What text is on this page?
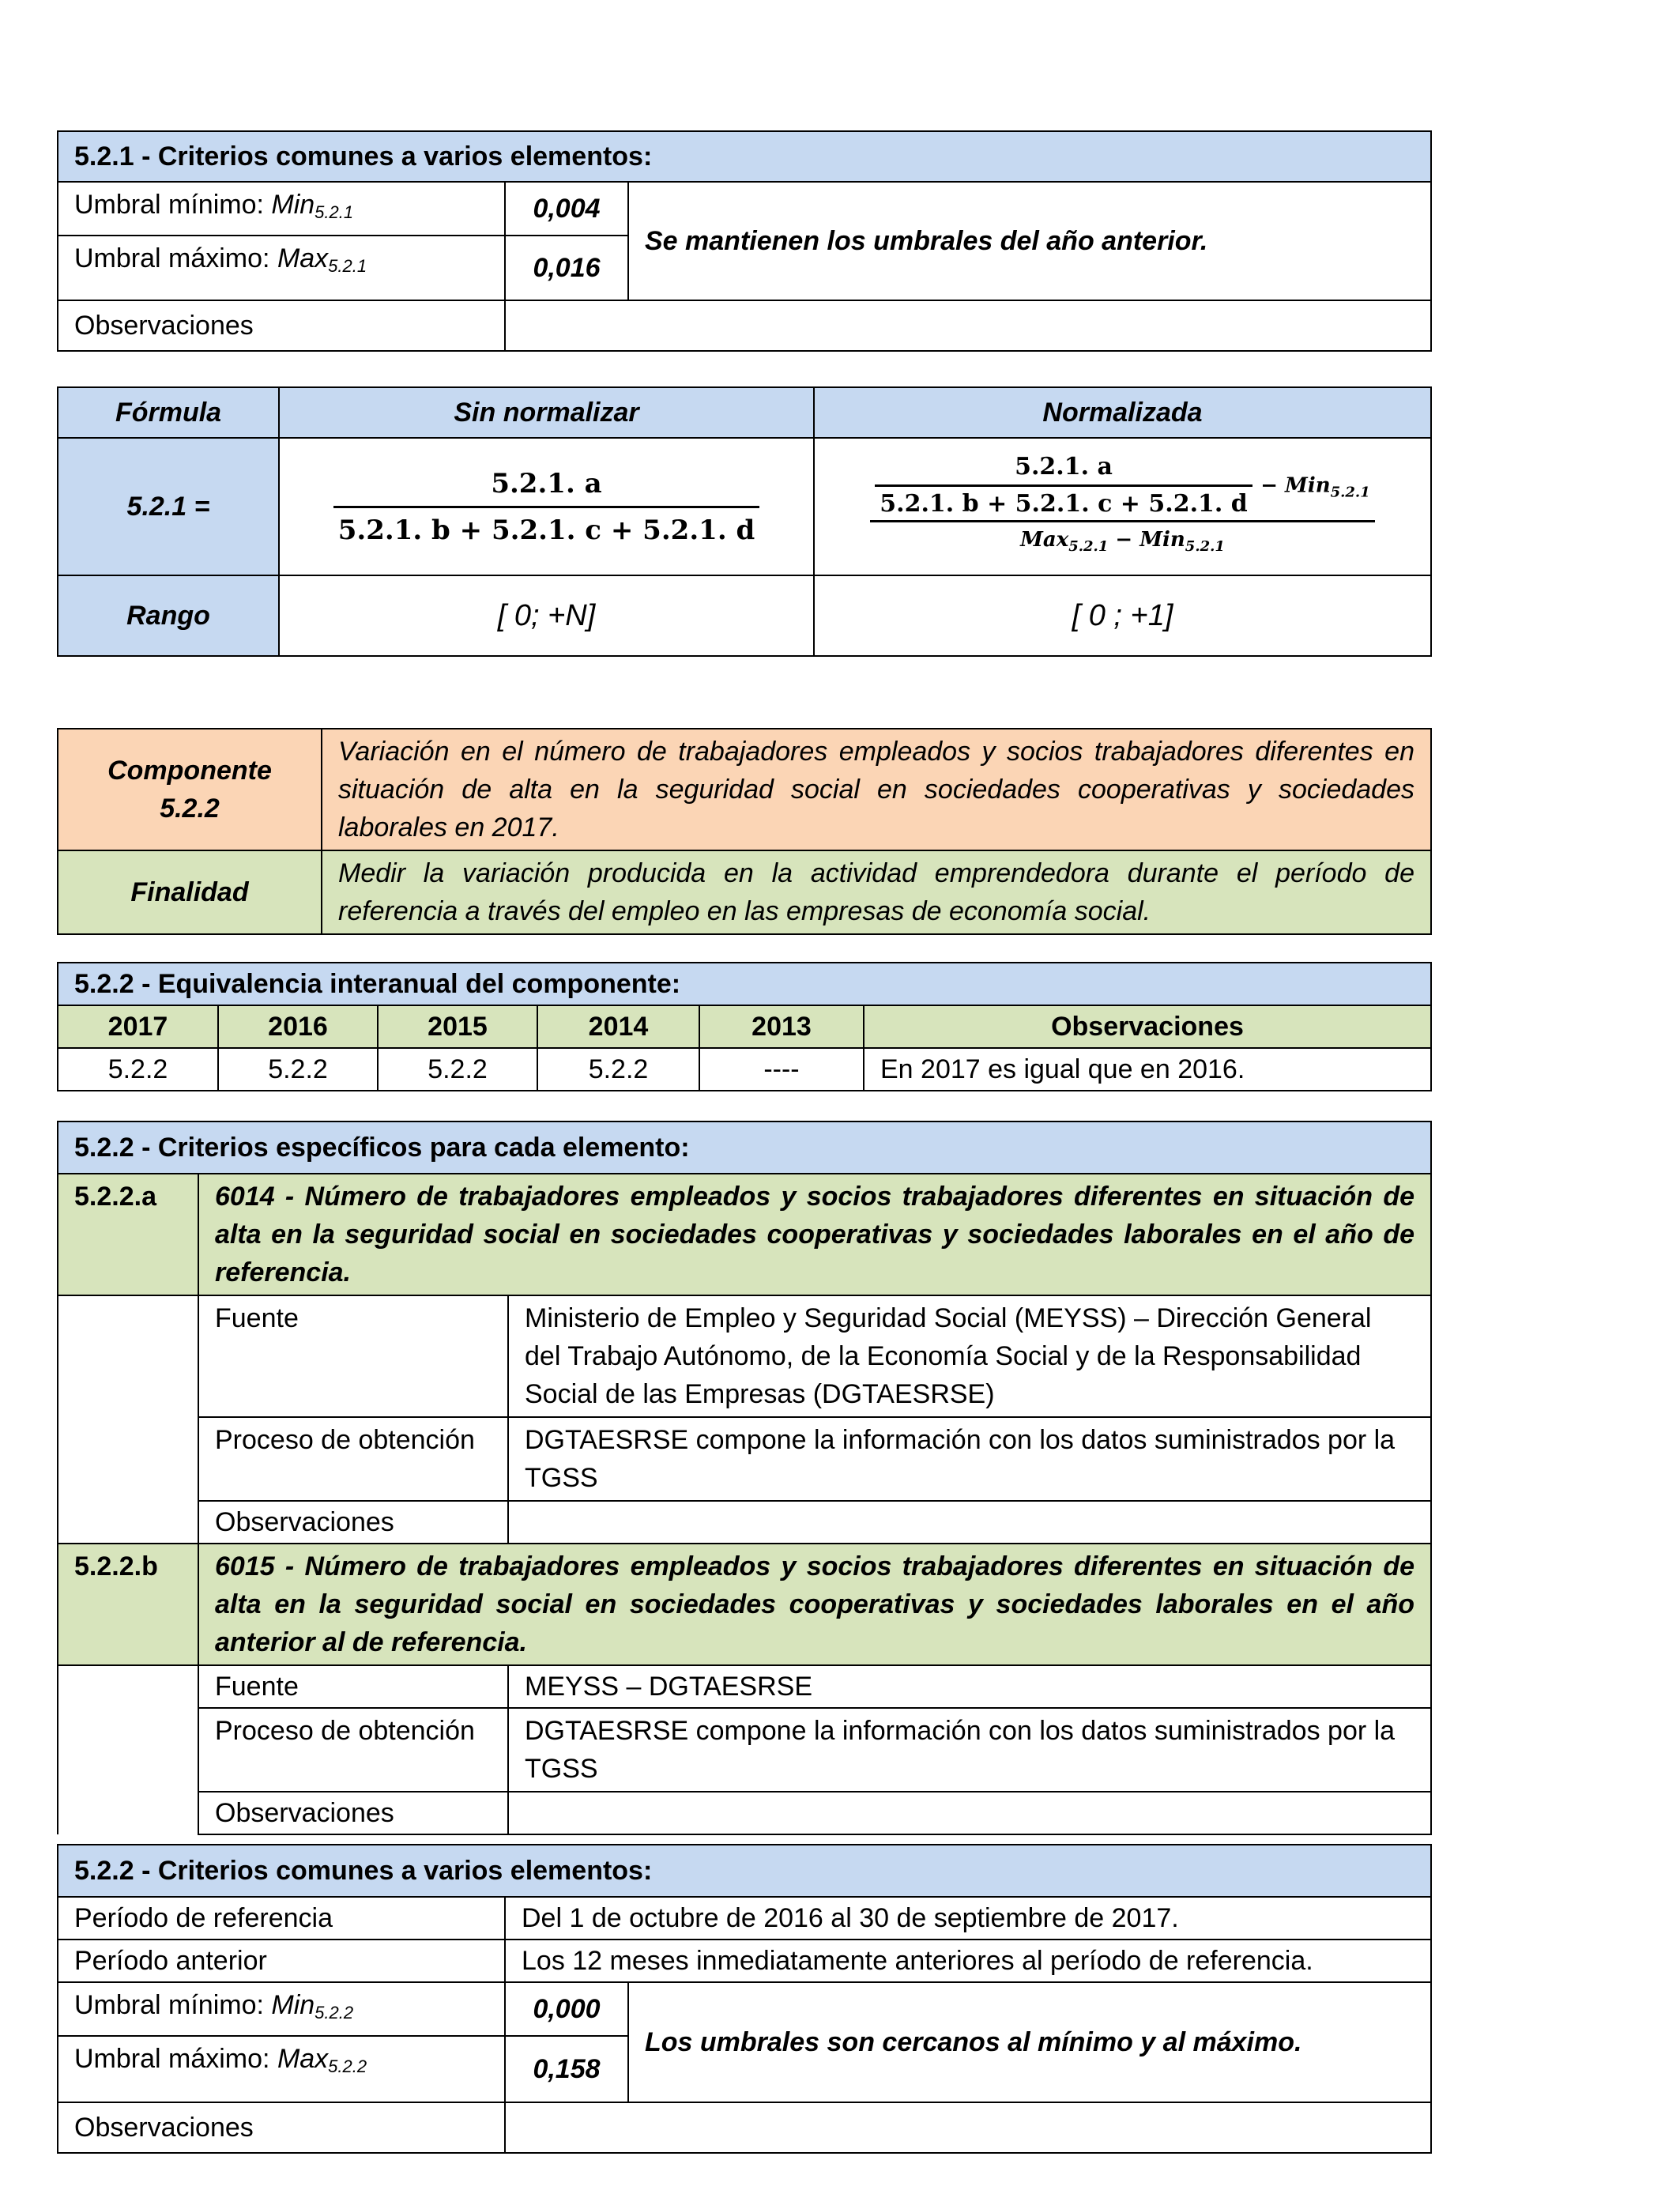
5.2.1 - Criterios comunes a varios elementos:		
Umbral mínimo: Min$_{5.2.1}$	0,004	Se mantienen los umbrales del año anterior.
Umbral máximo: Max$_{5.2.1}$	0,016	
Observaciones		
Fórmula	Sin normalizar	Normalizada
5.2.1 =	$\frac{5.2.1. a}{5.2.1. b + 5.2.1. c + 5.2.1. d}$	$\frac{5.2.1. a}{5.2.1. b + 5.2.1. c + 5.2.1. d} - Min_{5.2.1}$
Max$_{5.2.1}$ − Min$_{5.2.1}$

Rango	[ 0; +N]	[ 0 ; +1]
Componente 5.2.2	Variación en el número de trabajadores empleados y socios trabajadores diferentes en situación de alta en la seguridad social en sociedades cooperativas y sociedades laborales en 2017.
Finalidad	Medir la variación producida en la actividad emprendedora durante el período de referencia a través del empleo en las empresas de economía social.
5.2.2 - Equivalencia interanual del componente:					
2017	2016	2015	2014	2013	Observaciones
5.2.2	5.2.2	5.2.2	5.2.2	----	En 2017 es igual que en 2016.
5.2.2 - Criterios específicos para cada elemento:		
5.2.2.a	6014 - Número de trabajadores empleados y socios trabajadores diferentes en situación de alta en la seguridad social en sociedades cooperativas y sociedades laborales en el año de referencia.	
	Fuente	Ministerio de Empleo y Seguridad Social (MEYSS) – Dirección General del Trabajo Autónomo, de la Economía Social y de la Responsabilidad Social de las Empresas (DGTAESRSE)
	Proceso de obtención	DGTAESRSE compone la información con los datos suministrados por la TGSS
	Observaciones	
5.2.2.b	6015 - Número de trabajadores empleados y socios trabajadores diferentes en situación de alta en la seguridad social en sociedades cooperativas y sociedades laborales en el año anterior al de referencia.	
	Fuente	MEYSS – DGTAESRSE
	Proceso de obtención	DGTAESRSE compone la información con los datos suministrados por la TGSS
	Observaciones	
5.2.2 - Criterios comunes a varios elementos:		
Período de referencia	Del 1 de octubre de 2016 al 30 de septiembre de 2017.	
Período anterior	Los 12 meses inmediatamente anteriores al período de referencia.	
Umbral mínimo: Min$_{5.2.2}$	0,000	Los umbrales son cercanos al mínimo y al máximo.
Umbral máximo: Max$_{5.2.2}$	0,158	
Observaciones		
